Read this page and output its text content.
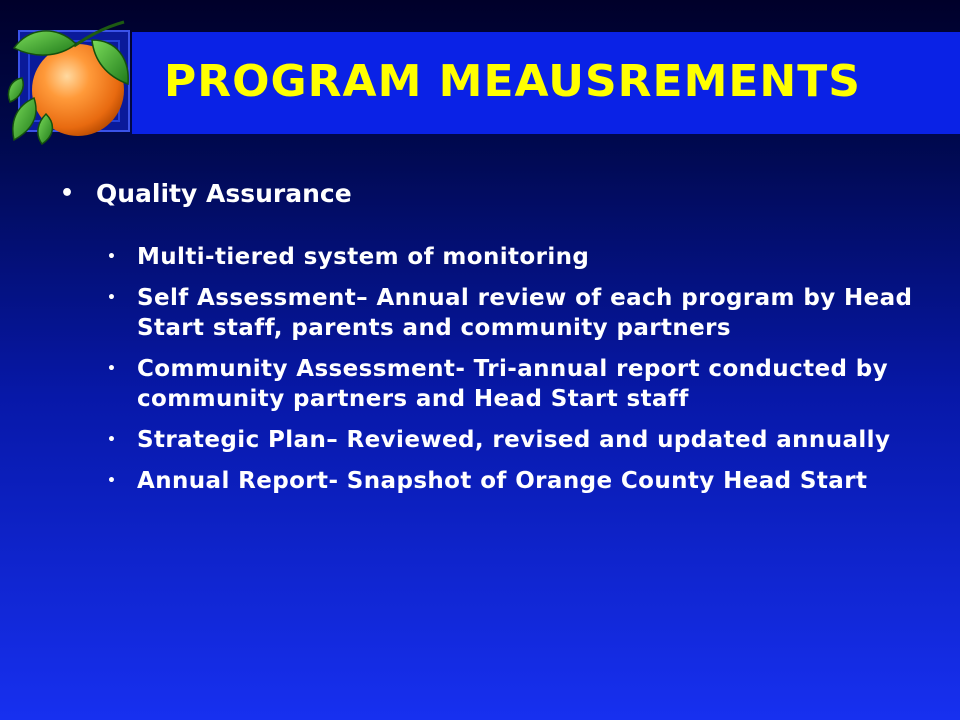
PROGRAM MEAUSREMENTS
• Quality Assurance
• Multi-tiered system of monitoring
• Self Assessment– Annual review of each program by Head Start staff, parents and community partners
• Community Assessment- Tri-annual report conducted by community partners and Head Start staff
• Strategic Plan– Reviewed, revised and updated annually
• Annual Report- Snapshot of Orange County Head Start
